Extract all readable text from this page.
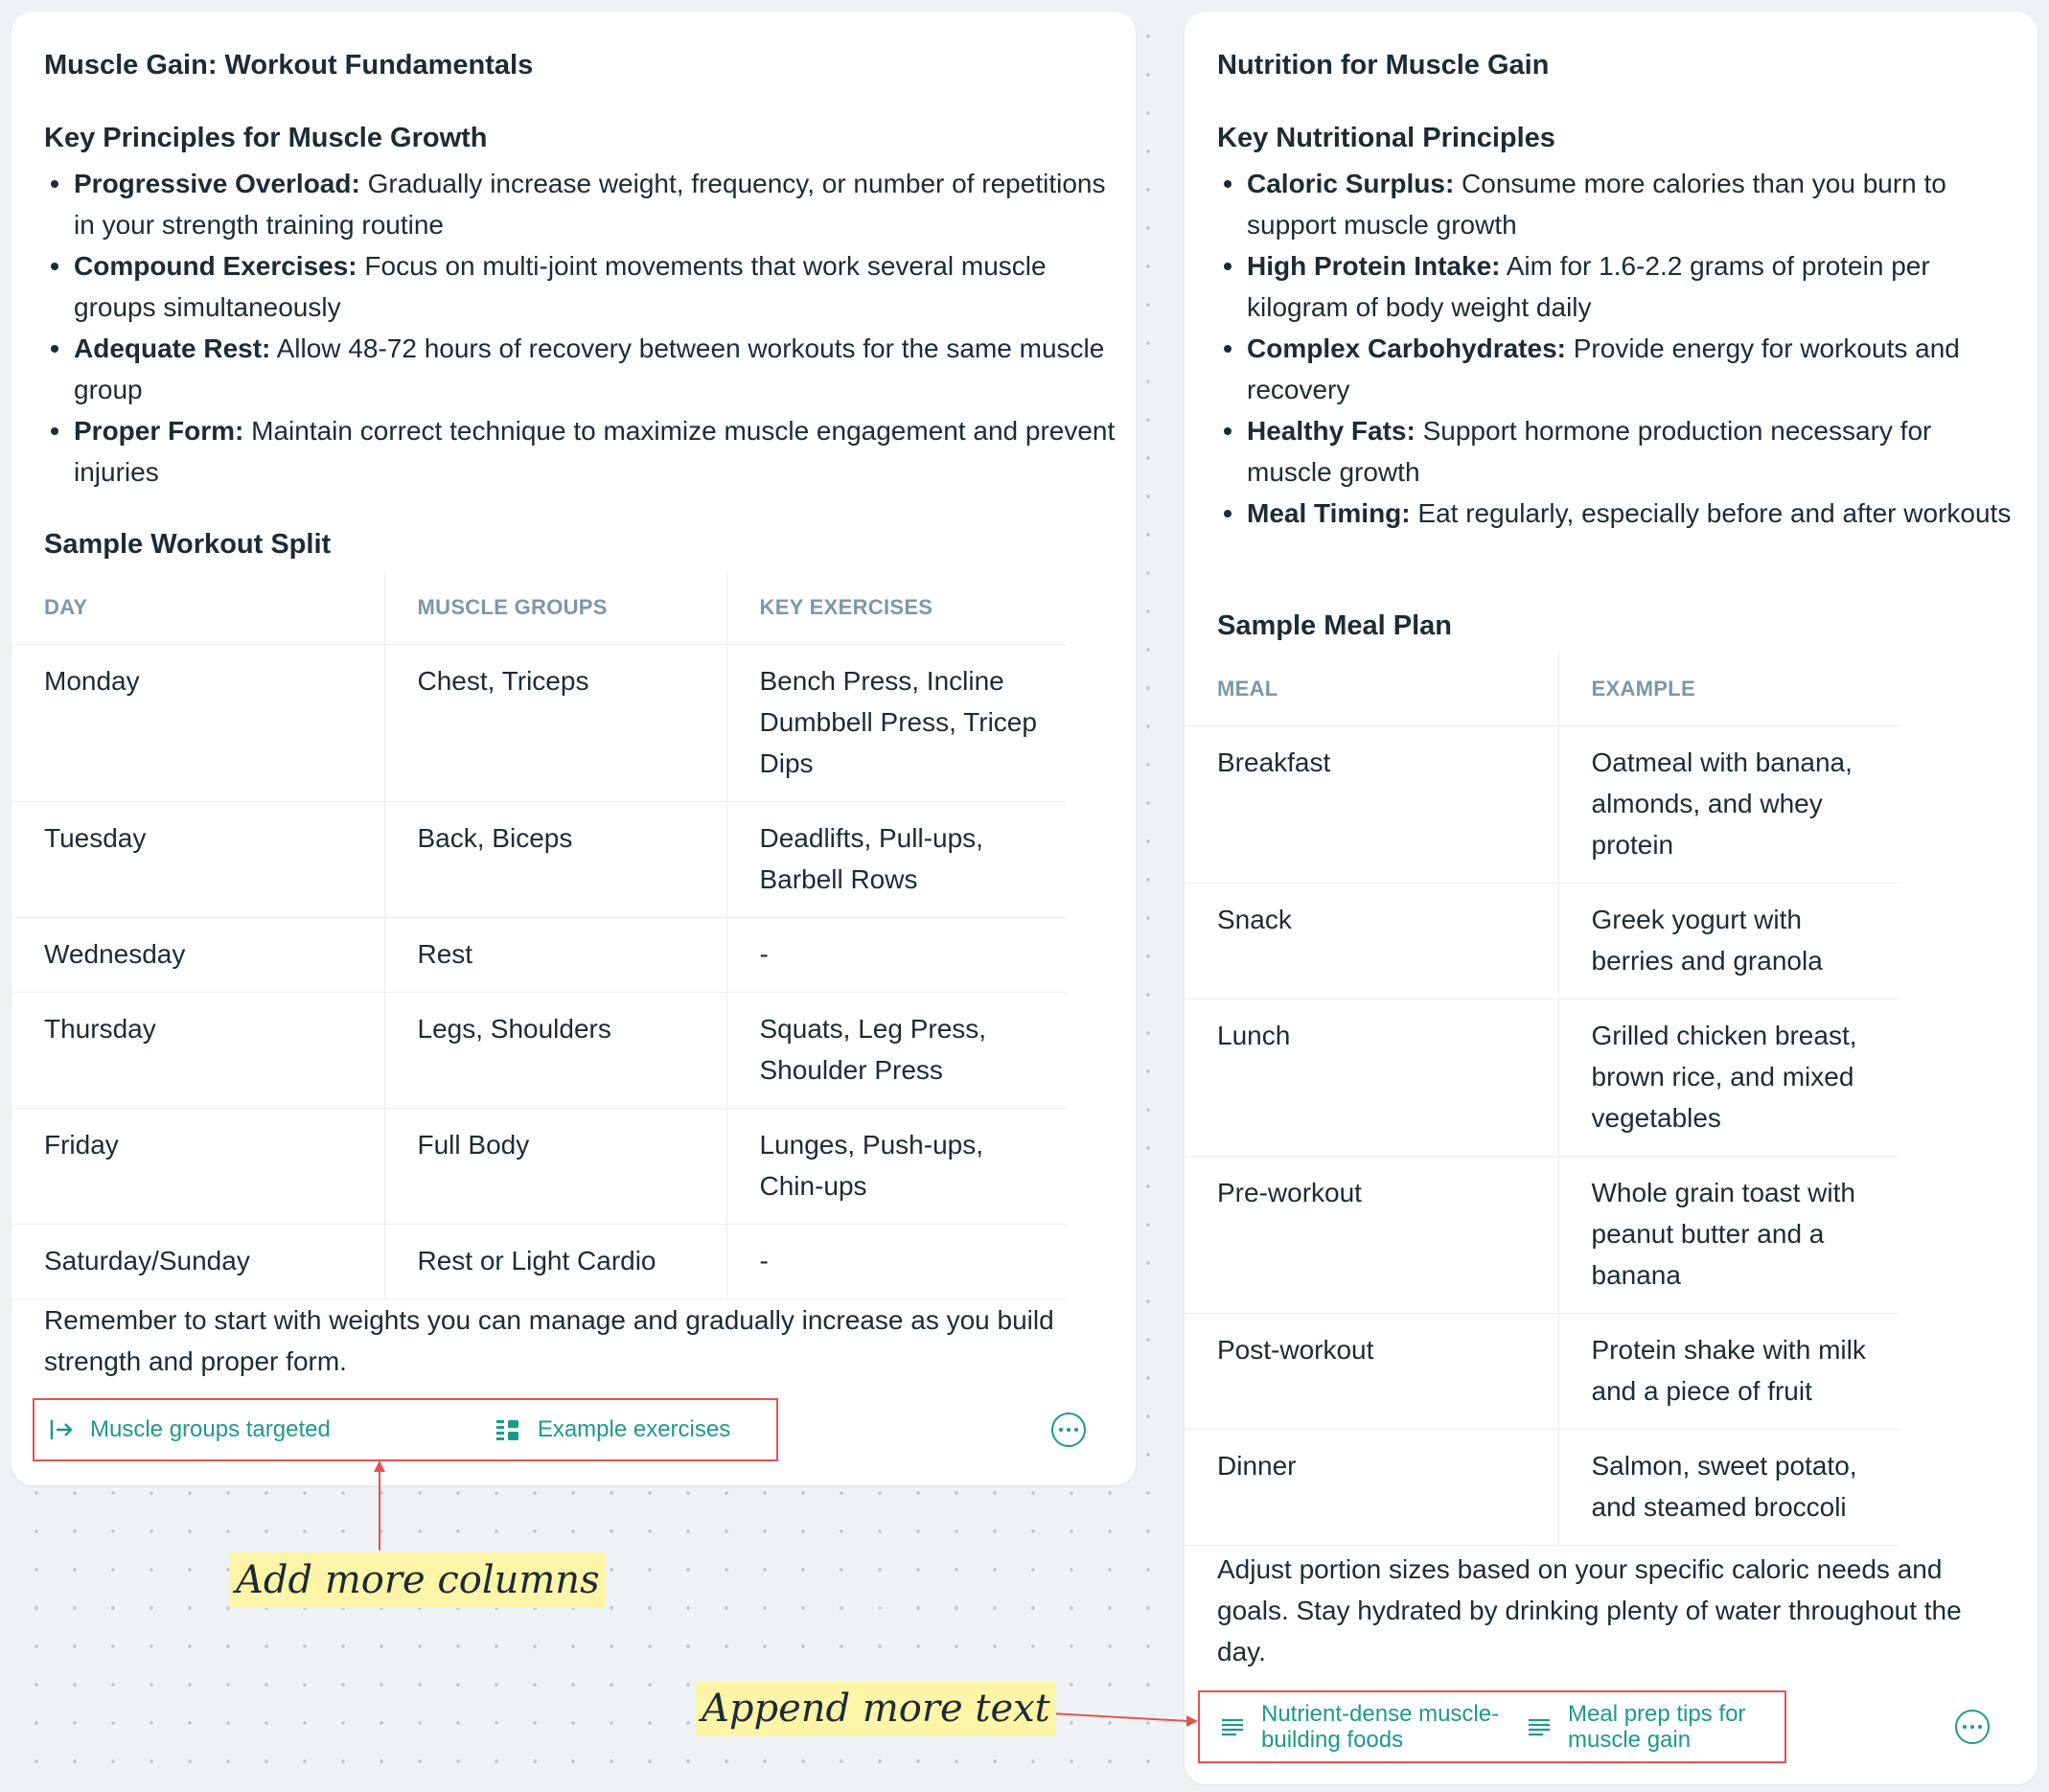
Muscle Gain: Workout Fundamentals
Key Principles for Muscle Growth
Progressive Overload: Gradually increase weight, frequency, or number of repetitions in your strength training routine
Compound Exercises: Focus on multi-joint movements that work several muscle groups simultaneously
Adequate Rest: Allow 48-72 hours of recovery between workouts for the same muscle group
Proper Form: Maintain correct technique to maximize muscle engagement and prevent injuries
Sample Workout Split
DAY	MUSCLE GROUPS	KEY EXERCISES
Monday	Chest, Triceps	Bench Press, Incline Dumbbell Press, Tricep Dips
Tuesday	Back, Biceps	Deadlifts, Pull-ups, Barbell Rows
Wednesday	Rest	-
Thursday	Legs, Shoulders	Squats, Leg Press, Shoulder Press
Friday	Full Body	Lunges, Push-ups, Chin-ups
Saturday/Sunday	Rest or Light Cardio	-
Remember to start with weights you can manage and gradually increase as you build strength and proper form.
Muscle groups targeted	Example exercises
Nutrition for Muscle Gain
Key Nutritional Principles
Caloric Surplus: Consume more calories than you burn to support muscle growth
High Protein Intake: Aim for 1.6-2.2 grams of protein per kilogram of body weight daily
Complex Carbohydrates: Provide energy for workouts and recovery
Healthy Fats: Support hormone production necessary for muscle growth
Meal Timing: Eat regularly, especially before and after workouts
Sample Meal Plan
MEAL	EXAMPLE
Breakfast	Oatmeal with banana, almonds, and whey protein
Snack	Greek yogurt with berries and granola
Lunch	Grilled chicken breast, brown rice, and mixed vegetables
Pre-workout	Whole grain toast with peanut butter and a banana
Post-workout	Protein shake with milk and a piece of fruit
Dinner	Salmon, sweet potato, and steamed broccoli
Adjust portion sizes based on your specific caloric needs and goals. Stay hydrated by drinking plenty of water throughout the day.
Nutrient-dense muscle-building foods
Meal prep tips for muscle gain
Add more columns
Append more text
